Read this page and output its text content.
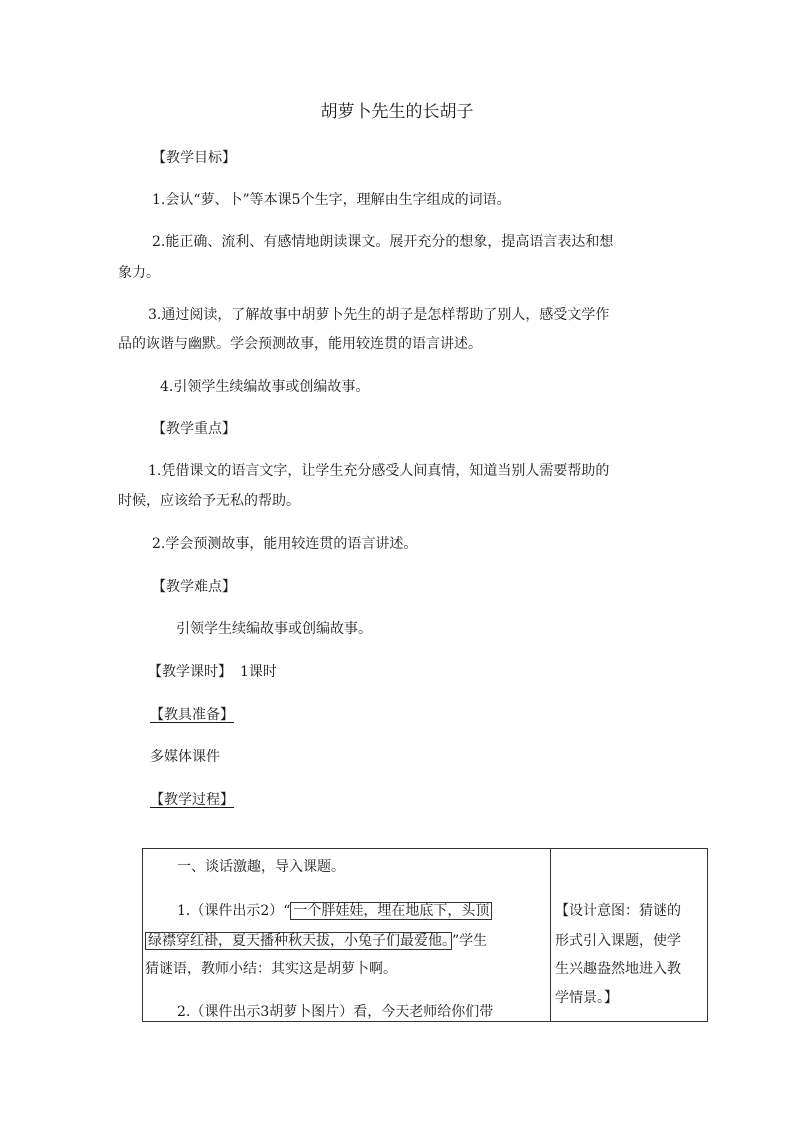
胡萝卜先生的长胡子
【教学目标】
1.会认“萝、卜”等本课5个生字，理解由生字组成的词语。
2.能正确、流利、有感情地朗读课文。展开充分的想象，提高语言表达和想
象力。
3.通过阅读，了解故事中胡萝卜先生的胡子是怎样帮助了别人，感受文学作
品的诙谐与幽默。学会预测故事，能用较连贯的语言讲述。
4.引领学生续编故事或创编故事。
【教学重点】
1.凭借课文的语言文字，让学生充分感受人间真情，知道当别人需要帮助的
时候，应该给予无私的帮助。
2.学会预测故事，能用较连贯的语言讲述。
【教学难点】
引领学生续编故事或创编故事。
【教学课时】 1课时
【教具准备】
多媒体课件
【教学过程】
一、谈话激趣，导入课题。
1.（课件出示2）“ 一个胖娃娃，埋在地底下，头顶
绿襟穿红褂，夏天播种秋天拔，小兔子们最爱他。 ”学生
猜谜语，教师小结：其实这是胡萝卜啊。
2.（课件出示3胡萝卜图片）看，今天老师给你们带
【设计意图：猜谜的
形式引入课题，使学
生兴趣盎然地进入教
学情景。】
